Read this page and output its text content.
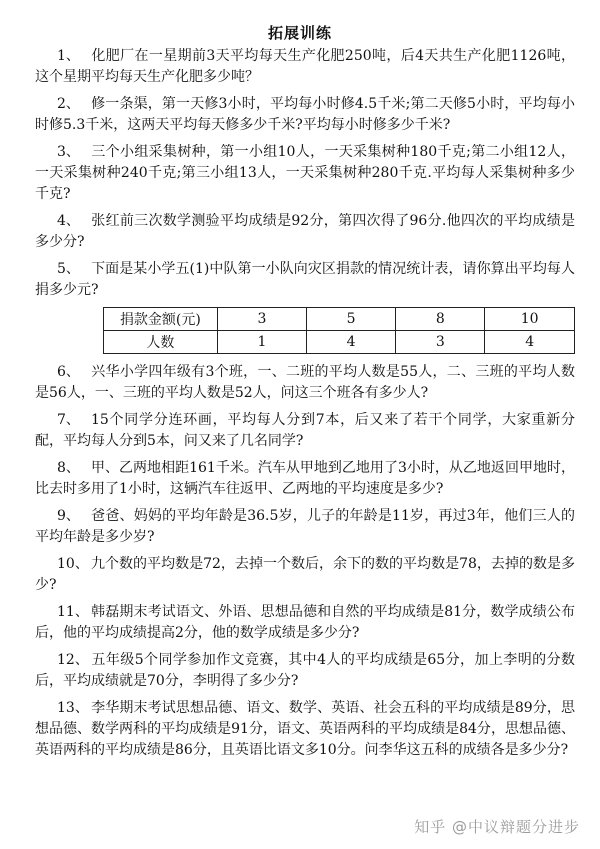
拓展训练

1、 化肥厂在一星期前3天平均每天生产化肥250吨，后4天共生产化肥1126吨，这个星期平均每天生产化肥多少吨？

2、 修一条渠，第一天修3小时，平均每小时修4.5千米;第二天修5小时，平均每小时修5.3千米，这两天平均每天修多少千米?平均每小时修多少千米?

3、 三个小组采集树种，第一小组10人，一天采集树种180千克;第二小组12人，一天采集树种240千克;第三小组13人，一天采集树种280千克.平均每人采集树种多少千克?

4、 张红前三次数学测验平均成绩是92分，第四次得了96分.他四次的平均成绩是多少分?

5、 下面是某小学五(1)中队第一小队向灾区捐款的情况统计表，请你算出平均每人捐多少元?

捐款金额(元)	3	5	8	10
人数	1	4	3	4

6、 兴华小学四年级有3个班，一、二班的平均人数是55人，二、三班的平均人数是56人，一、三班的平均人数是52人，问这三个班各有多少人?

7、 15个同学分连环画，平均每人分到7本，后又来了若干个同学，大家重新分配，平均每人分到5本，问又来了几名同学?

8、 甲、乙两地相距161千米。汽车从甲地到乙地用了3小时，从乙地返回甲地时，比去时多用了1小时，这辆汽车往返甲、乙两地的平均速度是多少?

9、 爸爸、妈妈的平均年龄是36.5岁，儿子的年龄是11岁，再过3年，他们三人的平均年龄是多少岁?

10、 九个数的平均数是72，去掉一个数后，余下的数的平均数是78，去掉的数是多少?

11、 韩磊期末考试语文、外语、思想品德和自然的平均成绩是81分，数学成绩公布后，他的平均成绩提高2分，他的数学成绩是多少分?

12、 五年级5个同学参加作文竞赛，其中4人的平均成绩是65分，加上李明的分数后，平均成绩就是70分，李明得了多少分?

13、 李华期末考试思想品德、语文、数学、英语、社会五科的平均成绩是89分，思想品德、数学两科的平均成绩是91分，语文、英语两科的平均成绩是84分，思想品德、英语两科的平均成绩是86分，且英语比语文多10分。问李华这五科的成绩各是多少分?

知乎 @中议辩题分进步
